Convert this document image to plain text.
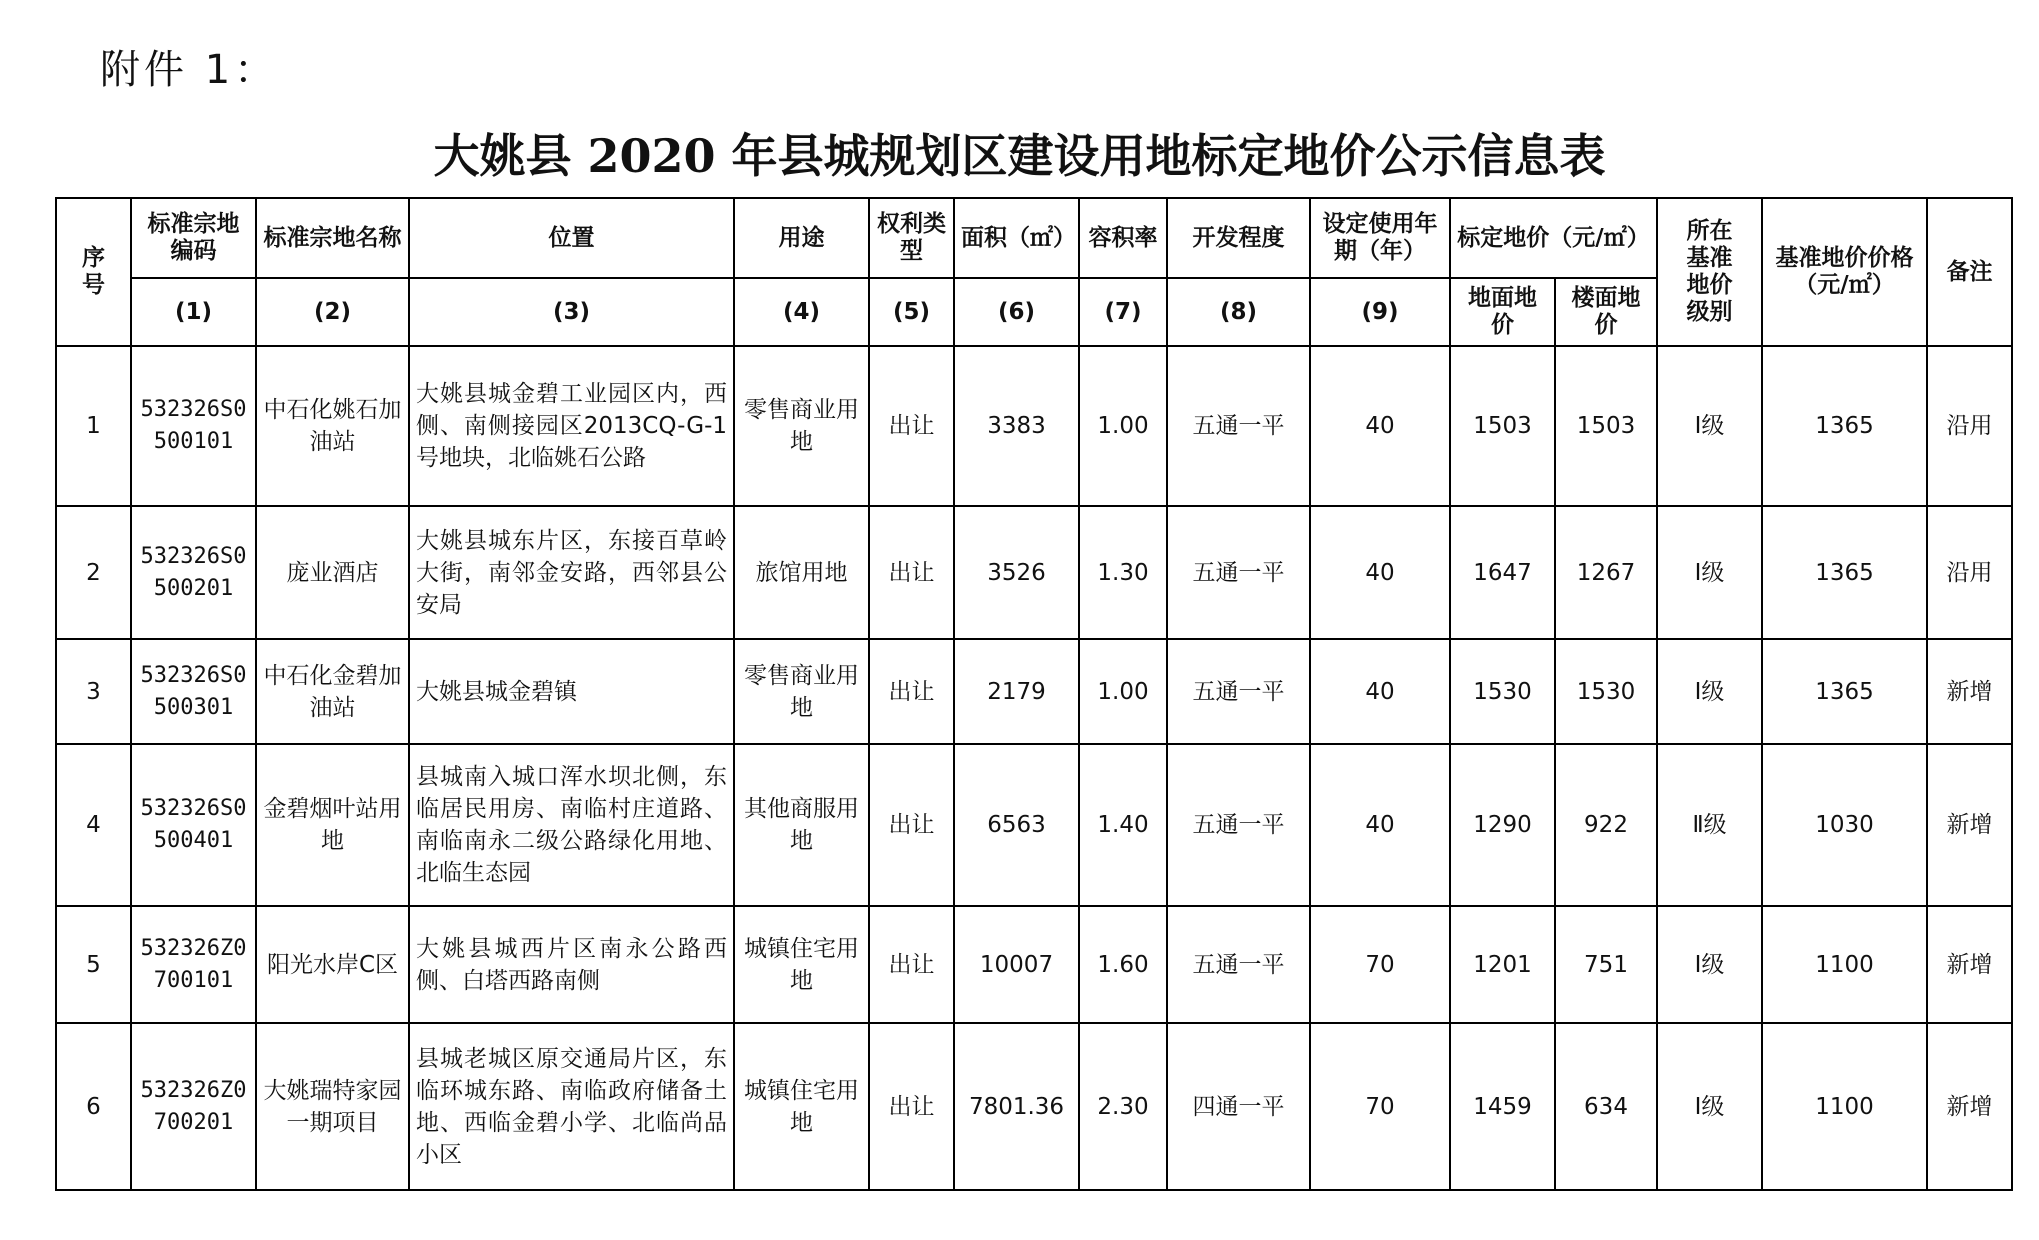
附件 1：
大姚县 2020 年县城规划区建设用地标定地价公示信息表
序号	标准宗地编码	标准宗地名称	位置	用途	权利类型	面积（㎡）	容积率	开发程度	设定使用年期（年）	标定地价（元/㎡）		所在基准地价级别	基准地价价格（元/㎡）	备注
	(1)	(2)	(3)	(4)	(5)	(6)	(7)	(8)	(9)	地面地价	楼面地价			
1	532326S0500101	中石化姚石加油站	大姚县城金碧工业园区内，西侧、南侧接园区2013CQ-G-1号地块，北临姚石公路	零售商业用地	出让	3383	1.00	五通一平	40	1503	1503	Ⅰ级	1365	沿用
2	532326S0500201	庞业酒店	大姚县城东片区，东接百草岭大街，南邻金安路，西邻县公安局	旅馆用地	出让	3526	1.30	五通一平	40	1647	1267	Ⅰ级	1365	沿用
3	532326S0500301	中石化金碧加油站	大姚县城金碧镇	零售商业用地	出让	2179	1.00	五通一平	40	1530	1530	Ⅰ级	1365	新增
4	532326S0500401	金碧烟叶站用地	县城南入城口浑水坝北侧，东临居民用房、南临村庄道路、南临南永二级公路绿化用地、北临生态园	其他商服用地	出让	6563	1.40	五通一平	40	1290	922	Ⅱ级	1030	新增
5	532326Z0700101	阳光水岸C区	大姚县城西片区南永公路西侧、白塔西路南侧	城镇住宅用地	出让	10007	1.60	五通一平	70	1201	751	Ⅰ级	1100	新增
6	532326Z0700201	大姚瑞特家园一期项目	县城老城区原交通局片区，东临环城东路、南临政府储备土地、西临金碧小学、北临尚品小区	城镇住宅用地	出让	7801.36	2.30	四通一平	70	1459	634	Ⅰ级	1100	新增
